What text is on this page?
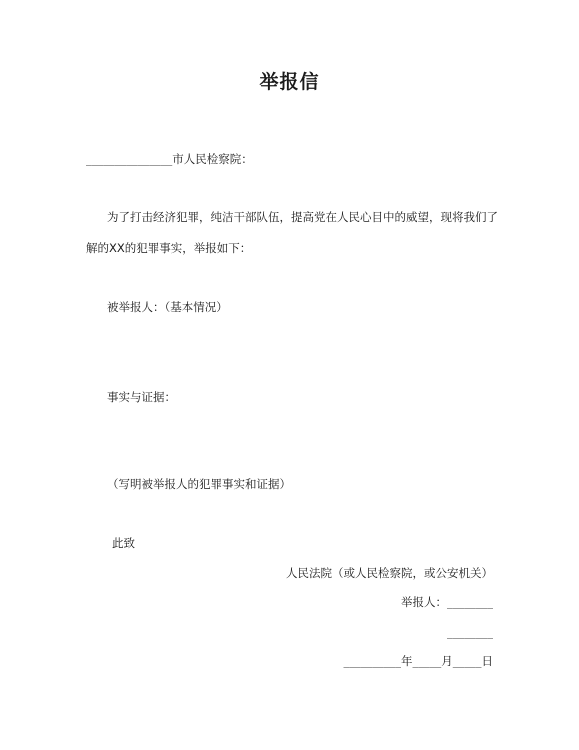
举报信
_______________市人民检察院：
为了打击经济犯罪，纯洁干部队伍，提高党在人民心目中的威望，现将我们了
解的XX的犯罪事实，举报如下：
被举报人：（基本情况）
事实与证据：
（写明被举报人的犯罪事实和证据）
此致
人民法院（或人民检察院，或公安机关）
举报人：________
________
__________年_____月_____日
